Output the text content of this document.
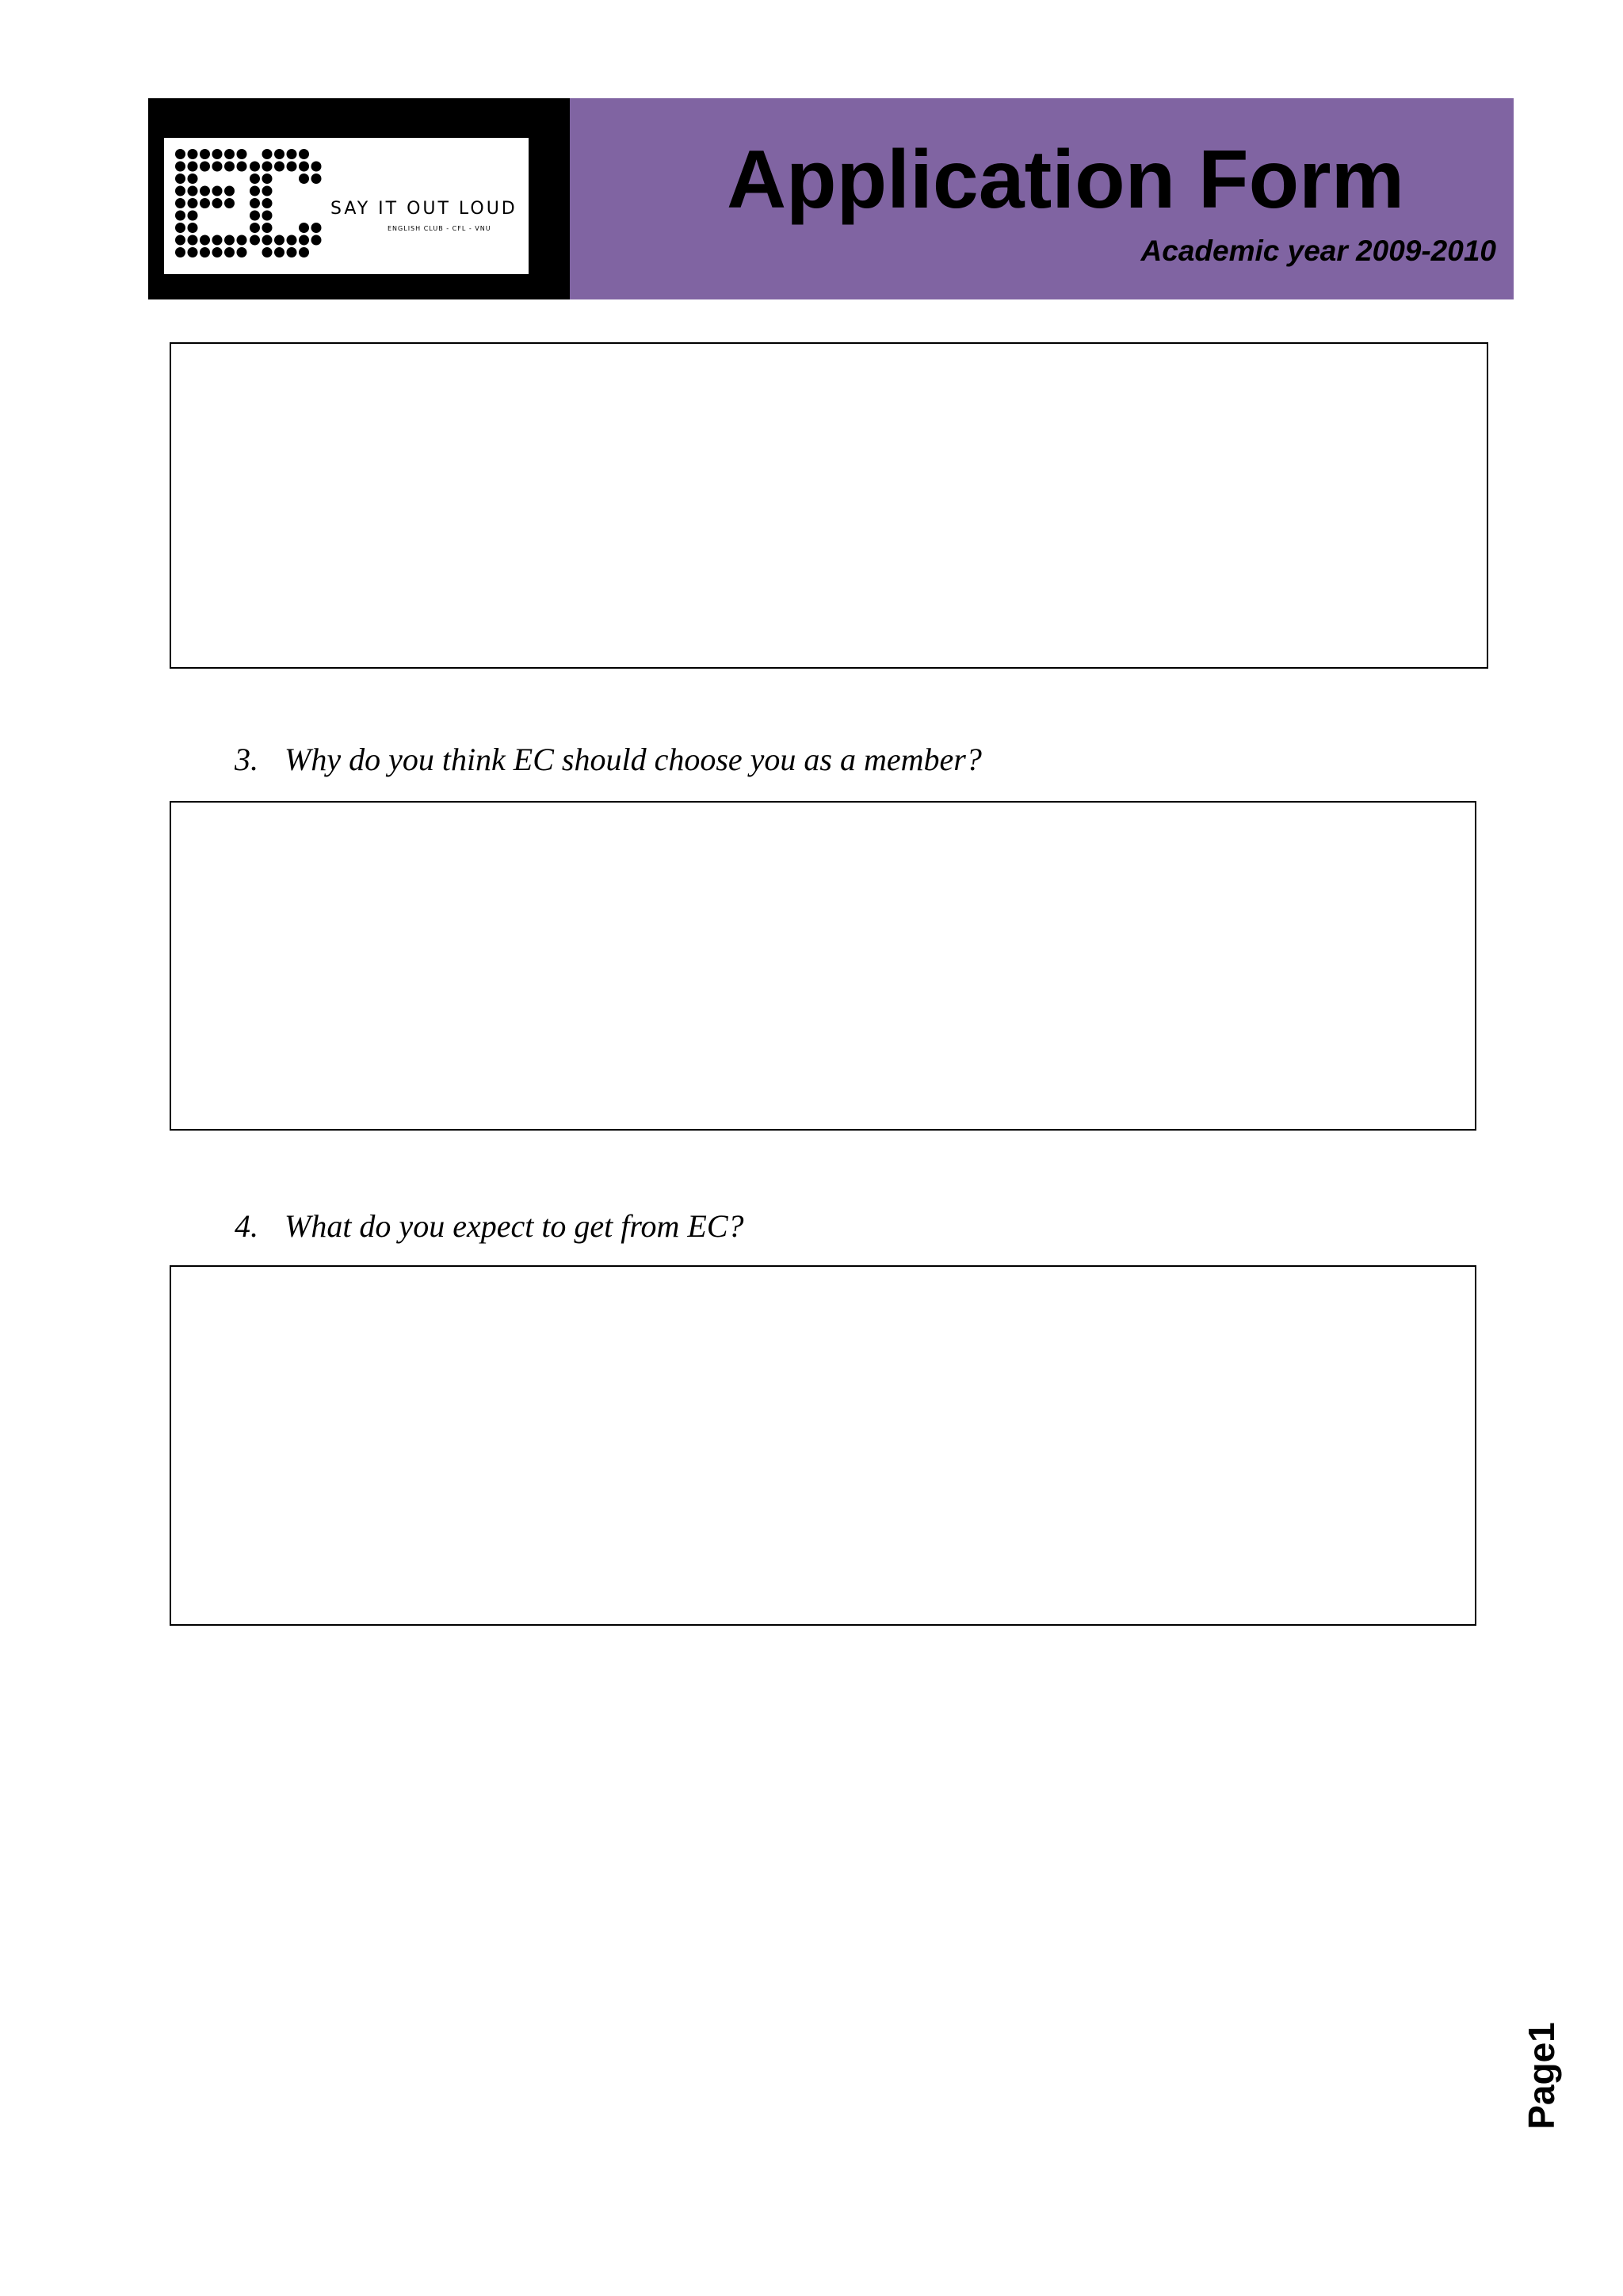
SAY IT OUT LOUD
ENGLISH CLUB - CFL - VNU
Application Form
Academic year 2009-2010
3. Why do you think EC should choose you as a member?
4. What do you expect to get from EC?
Page1
